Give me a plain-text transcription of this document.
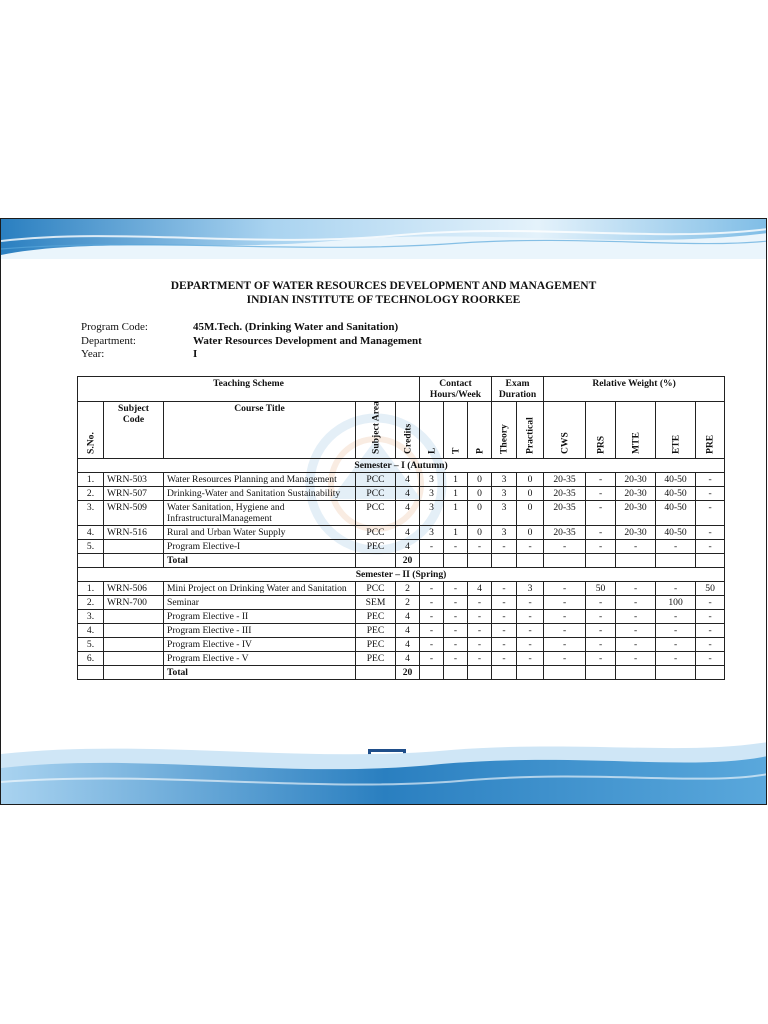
DEPARTMENT OF WATER RESOURCES DEVELOPMENT AND MANAGEMENT
INDIAN INSTITUTE OF TECHNOLOGY ROORKEE
Program Code:	45M.Tech. (Drinking Water and Sanitation)
Department:	Water Resources Development and Management
Year:	I
Teaching Scheme					Contact Hours/Week			Exam Duration		Relative Weight (%)				

S.No.	Subject Code	Course Title	Subject Area	Credits	L	T	P	Theory	Practical	CWS	PRS	MTE	ETE	PRE

Semester – I (Autumn)														
1.	WRN-503	Water Resources Planning and Management	PCC	4	3	1	0	3	0	20-35	-	20-30	40-50	-
2.	WRN-507	Drinking-Water and Sanitation Sustainability	PCC	4	3	1	0	3	0	20-35	-	20-30	40-50	-
3.	WRN-509	Water Sanitation, Hygiene and InfrastructuralManagement	PCC	4	3	1	0	3	0	20-35	-	20-30	40-50	-
4.	WRN-516	Rural and Urban Water Supply	PCC	4	3	1	0	3	0	20-35	-	20-30	40-50	-
5.		Program Elective-I	PEC	4	-	-	-	-	-	-	-	-	-	-
		Total		20										
Semester – II (Spring)														
1.	WRN-506	Mini Project on Drinking Water and Sanitation	PCC	2	-	-	4	-	3	-	50	-	-	50
2.	WRN-700	Seminar	SEM	2	-	-	-	-	-	-	-	-	100	-
3.		Program Elective - II	PEC	4	-	-	-	-	-	-	-	-	-	-
4.		Program Elective - III	PEC	4	-	-	-	-	-	-	-	-	-	-
5.		Program Elective - IV	PEC	4	-	-	-	-	-	-	-	-	-	-
6.		Program Elective - V	PEC	4	-	-	-	-	-	-	-	-	-	-
		Total		20										
